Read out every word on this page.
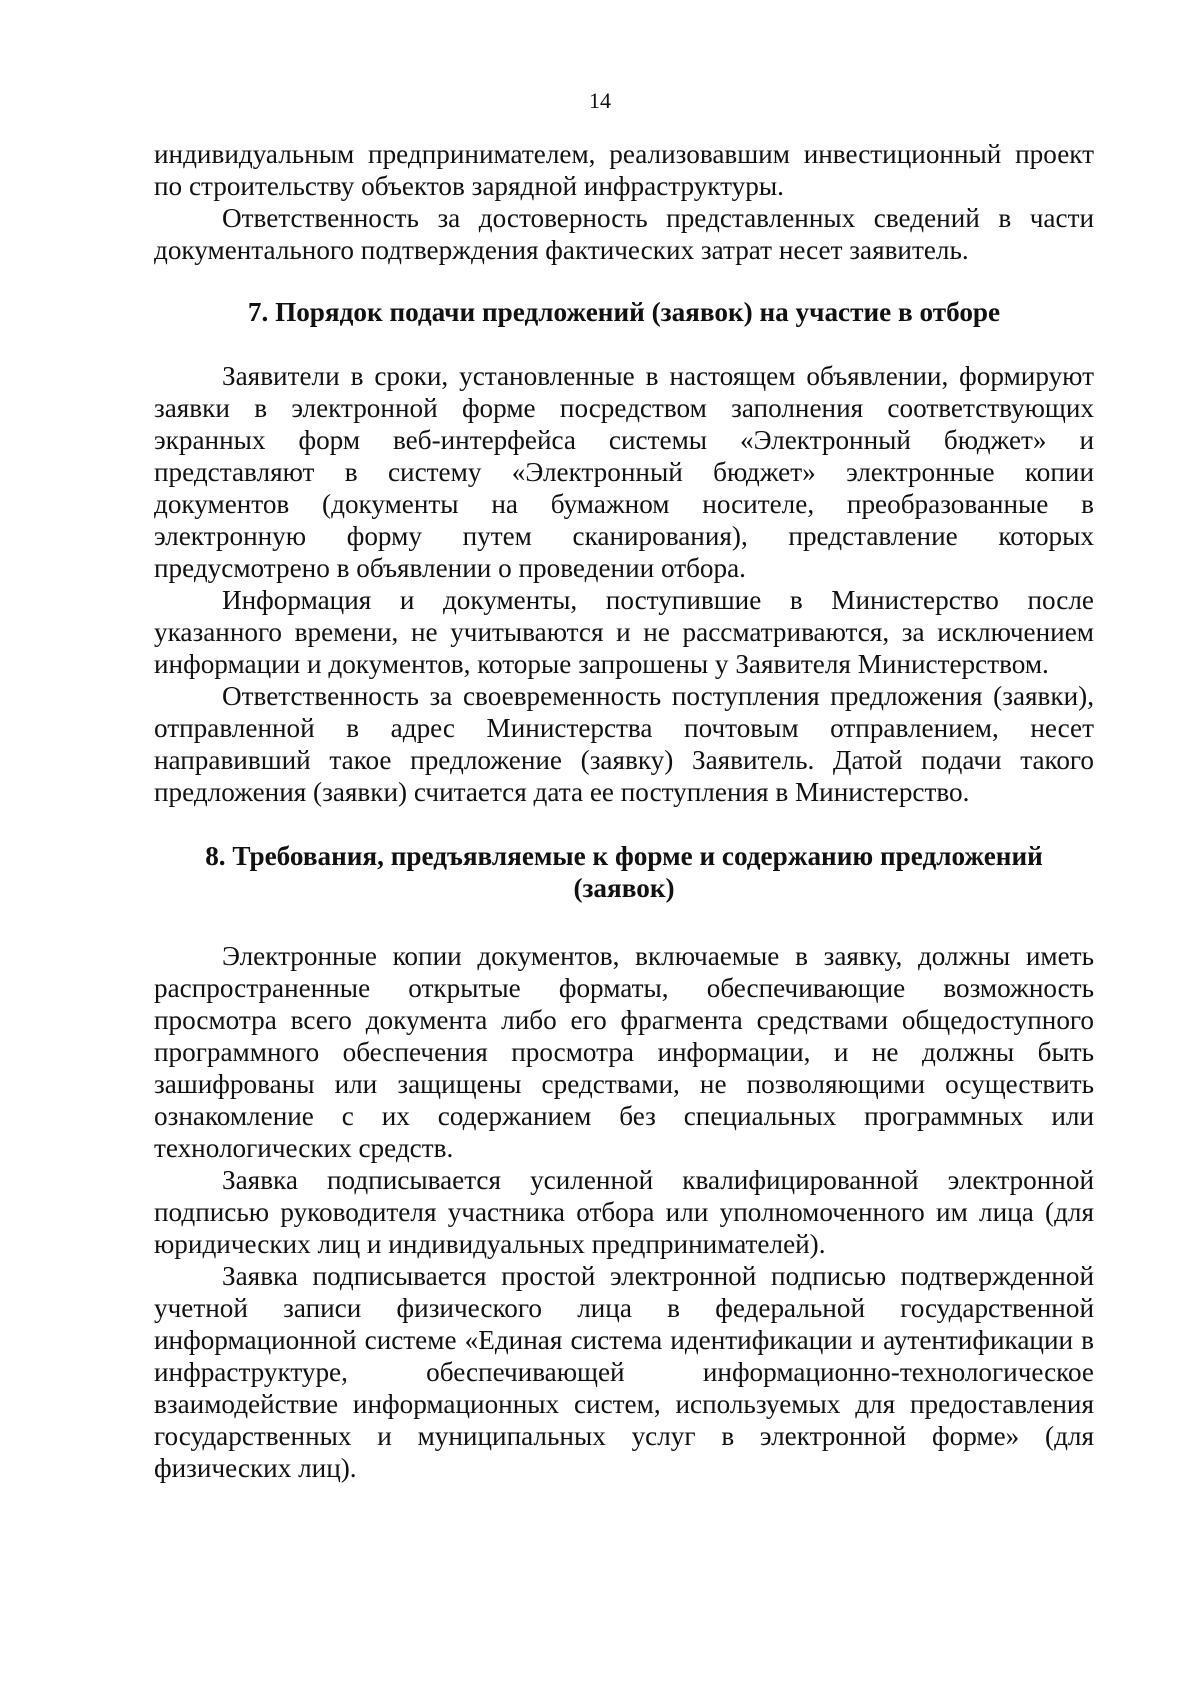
14

индивидуальным предпринимателем, реализовавшим инвестиционный проект по строительству объектов зарядной инфраструктуры.

Ответственность за достоверность представленных сведений в части документального подтверждения фактических затрат несет заявитель.

7. Порядок подачи предложений (заявок) на участие в отборе

Заявители в сроки, установленные в настоящем объявлении, формируют заявки в электронной форме посредством заполнения соответствующих экранных форм веб-интерфейса системы «Электронный бюджет» и представляют в систему «Электронный бюджет» электронные копии документов (документы на бумажном носителе, преобразованные в электронную форму путем сканирования), представление которых предусмотрено в объявлении о проведении отбора.

Информация и документы, поступившие в Министерство после указанного времени, не учитываются и не рассматриваются, за исключением информации и документов, которые запрошены у Заявителя Министерством.

Ответственность за своевременность поступления предложения (заявки), отправленной в адрес Министерства почтовым отправлением, несет направивший такое предложение (заявку) Заявитель. Датой подачи такого предложения (заявки) считается дата ее поступления в Министерство.

8. Требования, предъявляемые к форме и содержанию предложений
(заявок)

Электронные копии документов, включаемые в заявку, должны иметь распространенные открытые форматы, обеспечивающие возможность просмотра всего документа либо его фрагмента средствами общедоступного программного обеспечения просмотра информации, и не должны быть зашифрованы или защищены средствами, не позволяющими осуществить ознакомление с их содержанием без специальных программных или технологических средств.

Заявка подписывается усиленной квалифицированной электронной подписью руководителя участника отбора или уполномоченного им лица (для юридических лиц и индивидуальных предпринимателей).

Заявка подписывается простой электронной подписью подтвержденной учетной записи физического лица в федеральной государственной информационной системе «Единая система идентификации и аутентификации в инфраструктуре, обеспечивающей информационно-технологическое взаимодействие информационных систем, используемых для предоставления государственных и муниципальных услуг в электронной форме» (для физических лиц).
